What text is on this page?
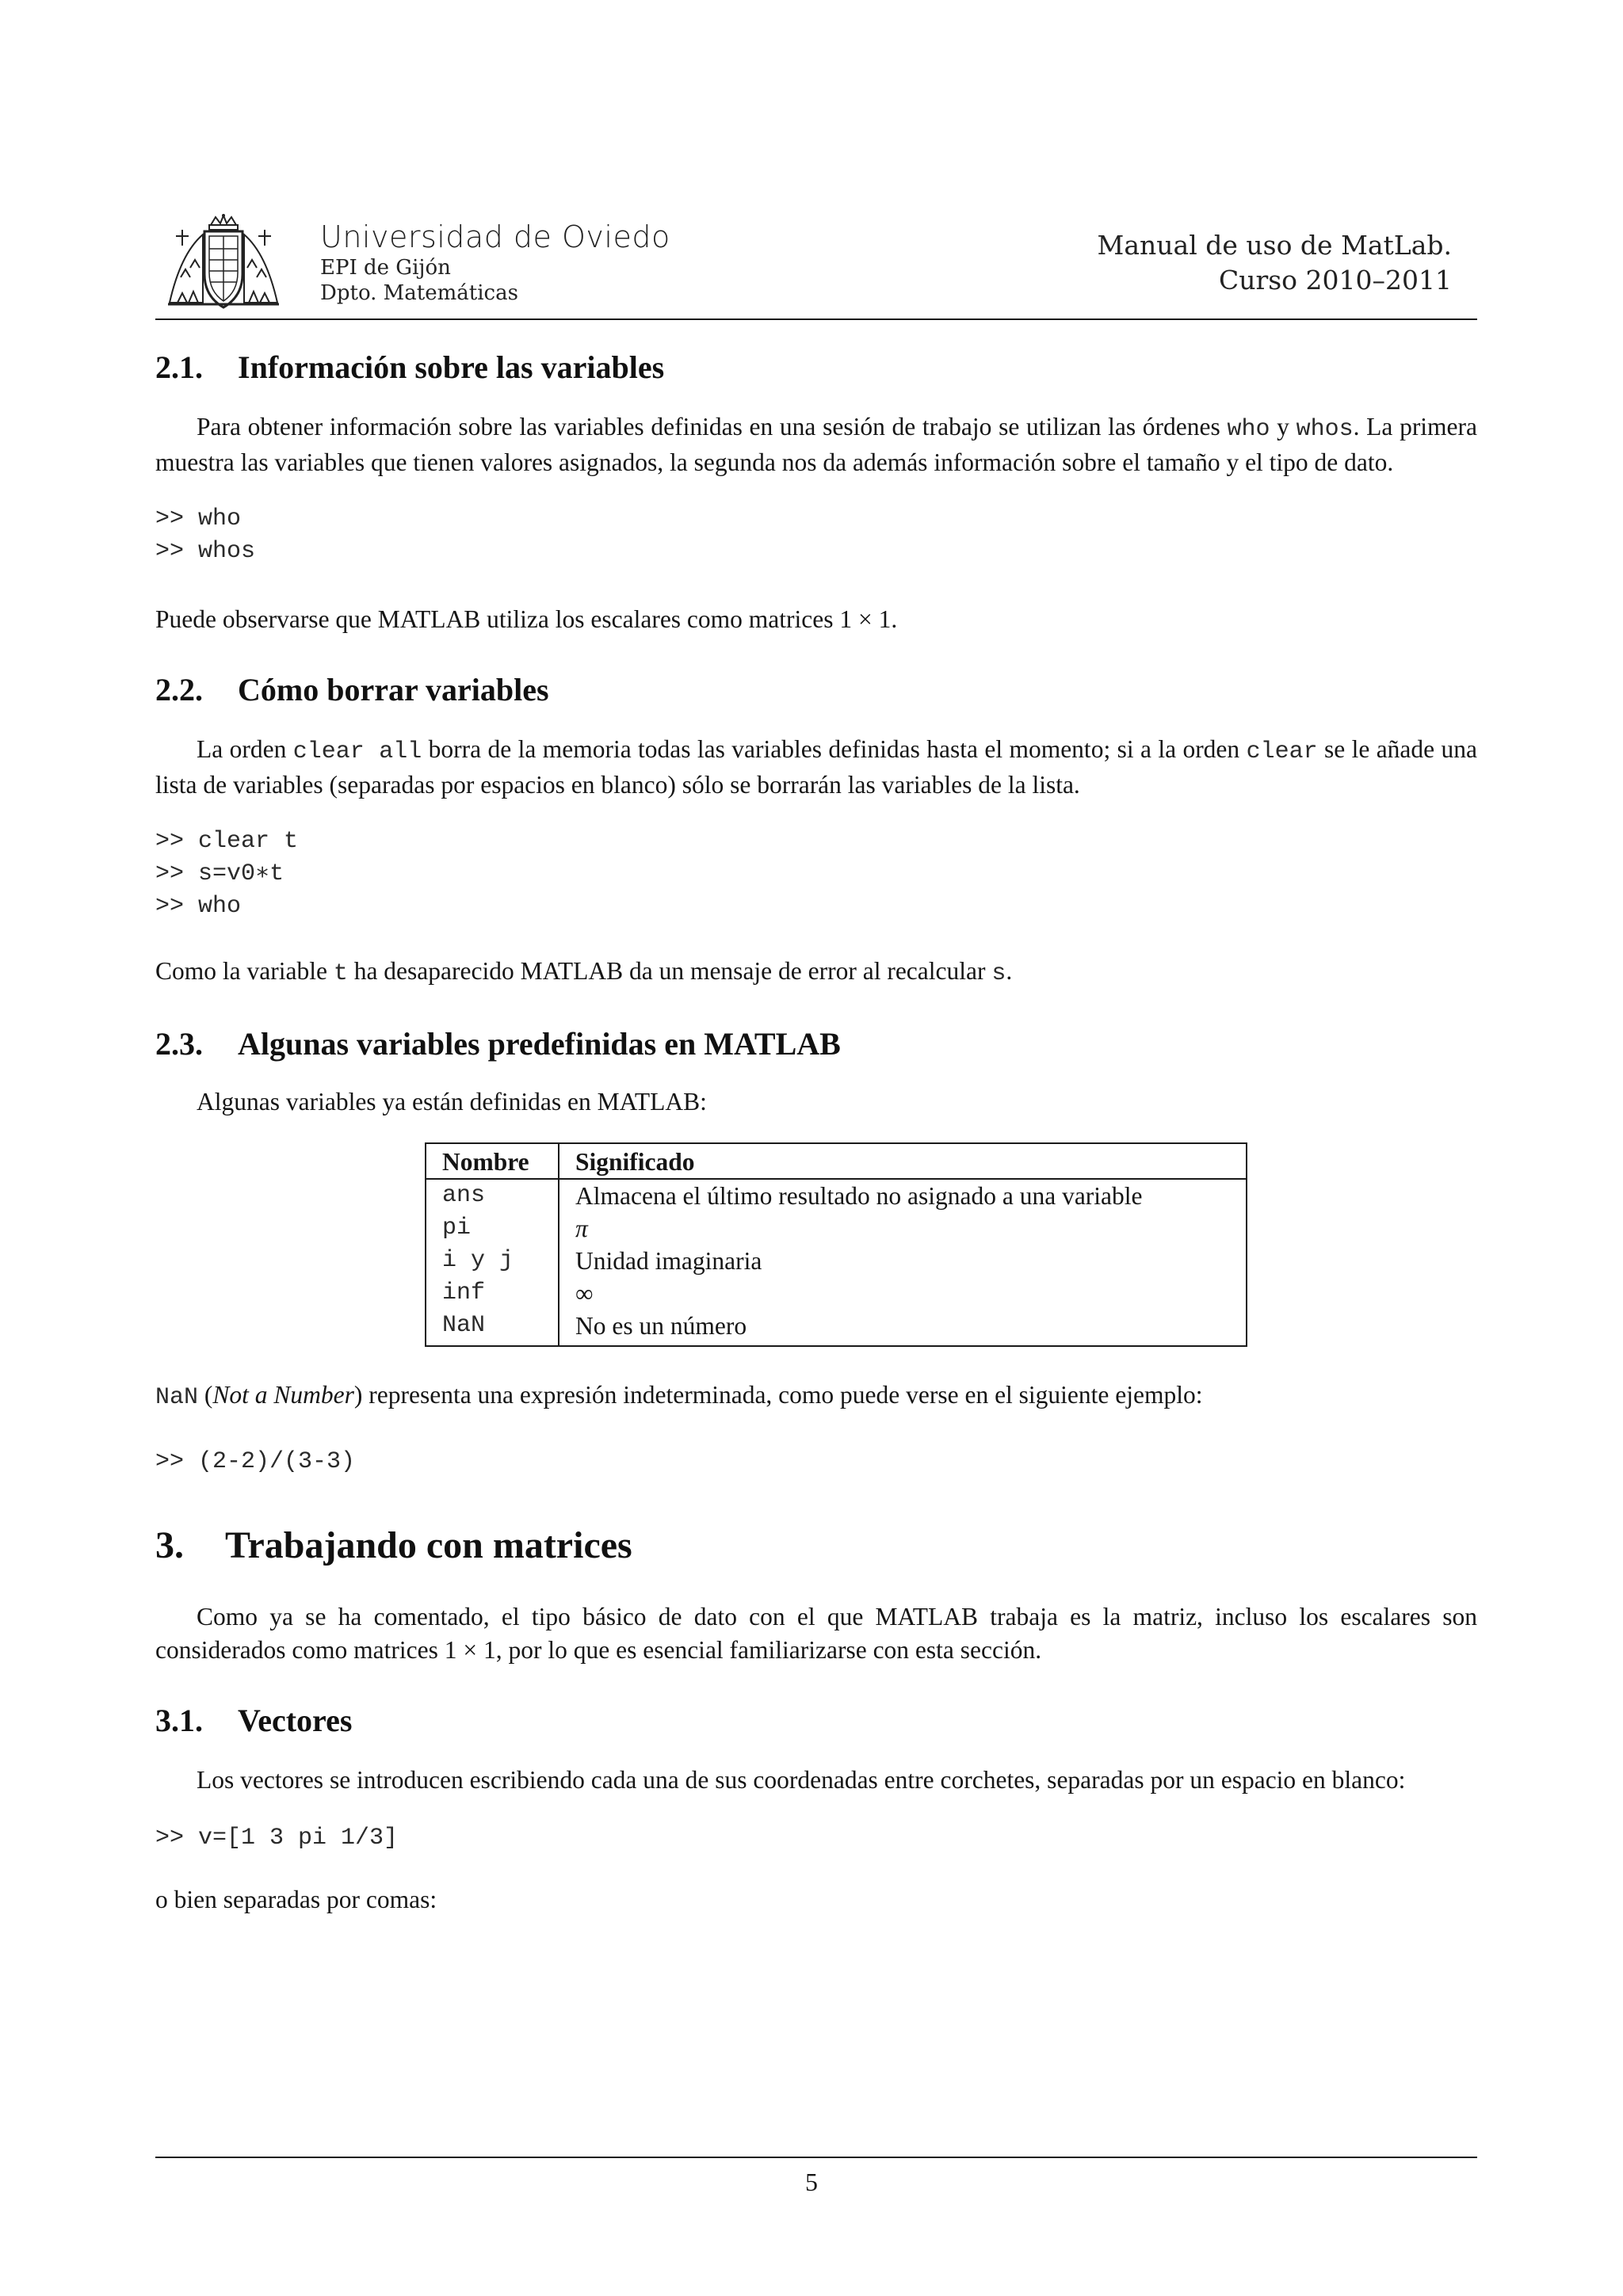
Universidad de Oviedo
EPI de Gijón
Dpto. Matemáticas
Manual de uso de MatLab.
Curso 2010–2011
2.1. Información sobre las variables

Para obtener información sobre las variables definidas en una sesión de trabajo se utilizan las órdenes who y whos. La primera muestra las variables que tienen valores asignados, la segunda nos da además información sobre el tamaño y el tipo de dato.

>> who
>> whos

Puede observarse que MATLAB utiliza los escalares como matrices 1 × 1.

2.2. Cómo borrar variables

La orden clear all borra de la memoria todas las variables definidas hasta el momento; si a la orden clear se le añade una lista de variables (separadas por espacios en blanco) sólo se borrarán las variables de la lista.

>> clear t
>> s=v0∗t
>> who

Como la variable t ha desaparecido MATLAB da un mensaje de error al recalcular s.

2.3. Algunas variables predefinidas en MATLAB

Algunas variables ya están definidas en MATLAB:

Nombre	Significado
ans	Almacena el último resultado no asignado a una variable
pi	π
i y j	Unidad imaginaria
inf	∞
NaN	No es un número

NaN (Not a Number) representa una expresión indeterminada, como puede verse en el siguiente ejemplo:

>> (2-2)/(3-3)
3. Trabajando con matrices

Como ya se ha comentado, el tipo básico de dato con el que MATLAB trabaja es la matriz, incluso los escalares son considerados como matrices 1 × 1, por lo que es esencial familiarizarse con esta sección.

3.1. Vectores

Los vectores se introducen escribiendo cada una de sus coordenadas entre corchetes, separadas por un espacio en blanco:

>> v=[1 3 pi 1/3]

o bien separadas por comas:

5
